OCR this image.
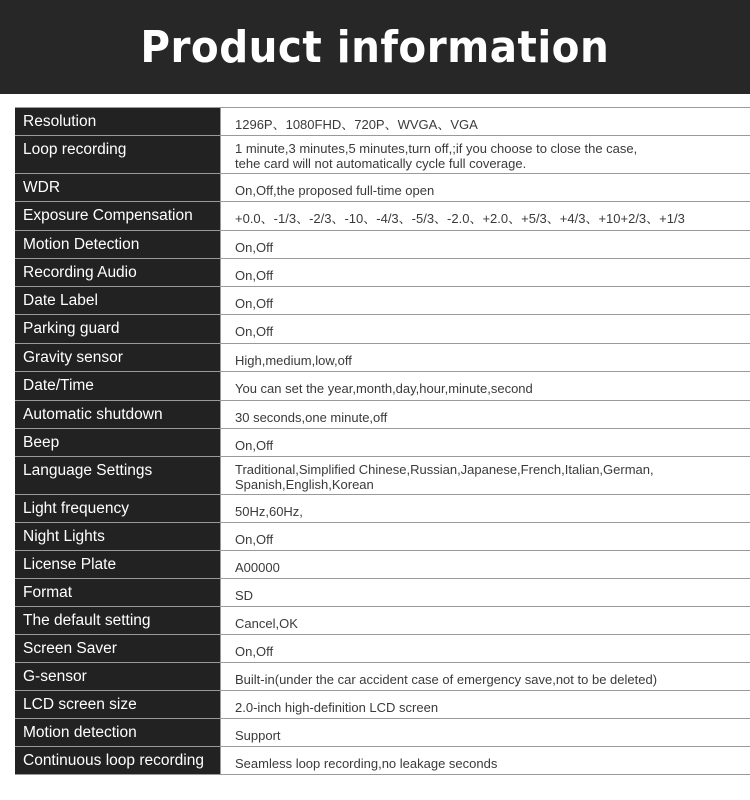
Product information
Resolution	1296P、1080FHD、720P、WVGA、VGA
Loop recording	1 minute,3 minutes,5 minutes,turn off,;if you choose to close the case,
tehe card will not automatically cycle full coverage.
WDR	On,Off,the proposed full-time open
Exposure Compensation	+0.0、-1/3、-2/3、-10、-4/3、-5/3、-2.0、+2.0、+5/3、+4/3、+10+2/3、+1/3
Motion Detection	On,Off
Recording Audio	On,Off
Date Label	On,Off
Parking guard	On,Off
Gravity sensor	High,medium,low,off
Date/Time	You can set the year,month,day,hour,minute,second
Automatic shutdown	30 seconds,one minute,off
Beep	On,Off
Language Settings	Traditional,Simplified Chinese,Russian,Japanese,French,Italian,German,
Spanish,English,Korean
Light frequency	50Hz,60Hz,
Night Lights	On,Off
License Plate	A00000
Format	SD
The default setting	Cancel,OK
Screen Saver	On,Off
G-sensor	Built-in(under the car accident case of emergency save,not to be deleted)
LCD screen size	2.0-inch high-definition LCD screen
Motion detection	Support
Continuous loop recording	Seamless loop recording,no leakage seconds
